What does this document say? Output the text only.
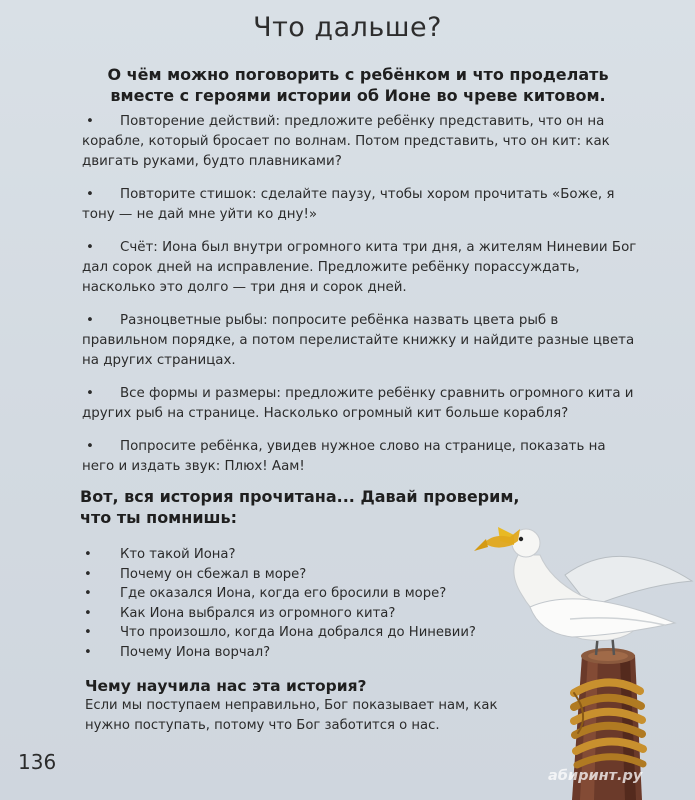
Что дальше?
О чём можно поговорить с ребёнком и что проделать вместе с героями истории об Ионе во чреве китовом.
• Повторение действий: предложите ребёнку представить, что он на корабле, который бросает по волнам. Потом представить, что он кит: как двигать руками, будто плавниками?
• Повторите стишок: сделайте паузу, чтобы хором прочитать «Боже, я тону — не дай мне уйти ко дну!»
• Счёт: Иона был внутри огромного кита три дня, а жителям Ниневии Бог дал сорок дней на исправление. Предложите ребёнку порассуждать, насколько это долго — три дня и сорок дней.
• Разноцветные рыбы: попросите ребёнка назвать цвета рыб в правильном порядке, а потом перелистайте книжку и найдите разные цвета на других страницах.
• Все формы и размеры: предложите ребёнку сравнить огромного кита и других рыб на странице. Насколько огромный кит больше корабля?
• Попросите ребёнка, увидев нужное слово на странице, показать на него и издать звук: Плюх! Аам!
Вот, вся история прочитана... Давай проверим, что ты помнишь:
• Кто такой Иона?
• Почему он сбежал в море?
• Где оказался Иона, когда его бросили в море?
• Как Иона выбрался из огромного кита?
• Что произошло, когда Иона добрался до Ниневии?
• Почему Иона ворчал?
Чему научила нас эта история?
Если мы поступаем неправильно, Бог показывает нам, как нужно поступать, потому что Бог заботится о нас.
136
абиринт.ру
